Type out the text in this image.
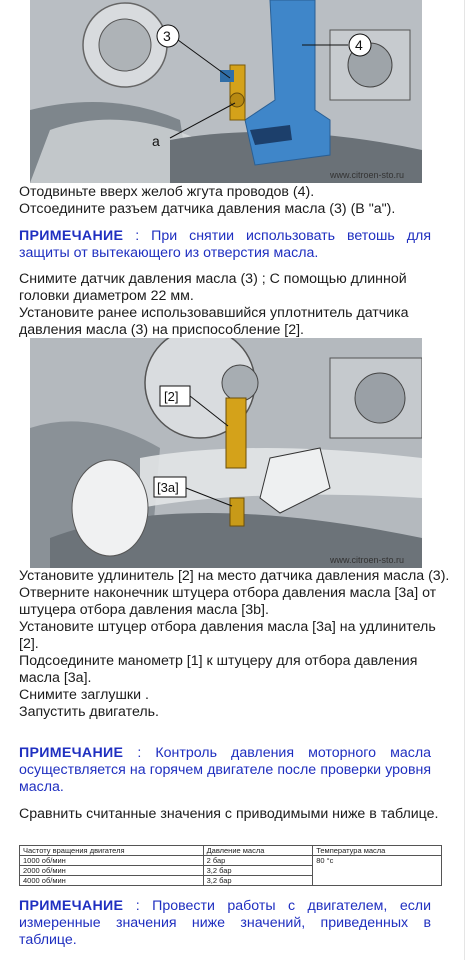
3
4
a
www.citroen-sto.ru

Отодвиньте вверх желоб жгута проводов (4).
Отсоедините разъем датчика давления масла (3) (В "а").

ПРИМЕЧАНИЕ : При снятии использовать ветошь для защиты от вытекающего из отверстия масла.

Снимите датчик давления масла (3) ; С помощью длинной головки диаметром 22 мм.
Установите ранее использовавшийся уплотнитель датчика давления масла (3) на приспособление [2].

[2]
[3a]
www.citroen-sto.ru

Установите удлинитель [2] на место датчика давления масла (3).
Отверните наконечник штуцера отбора давления масла [3a] от штуцера отбора давления масла [3b].
Установите штуцер отбора давления масла [3a] на удлинитель [2].
Подсоедините манометр [1] к штуцеру для отбора давления масла [3a].
Снимите заглушки .
Запустить двигатель.

ПРИМЕЧАНИЕ : Контроль давления моторного масла осуществляется на горячем двигателе после проверки уровня масла.

Сравнить считанные значения с приводимыми ниже в таблице.

Частоту вращения двигателя	Давление масла	Температура масла
1000 об/мин	2 бар	80 °с
2000 об/мин	3,2 бар	
4000 об/мин	3,2 бар	

ПРИМЕЧАНИЕ : Провести работы с двигателем, если измеренные значения ниже значений, приведенных в таблице.
